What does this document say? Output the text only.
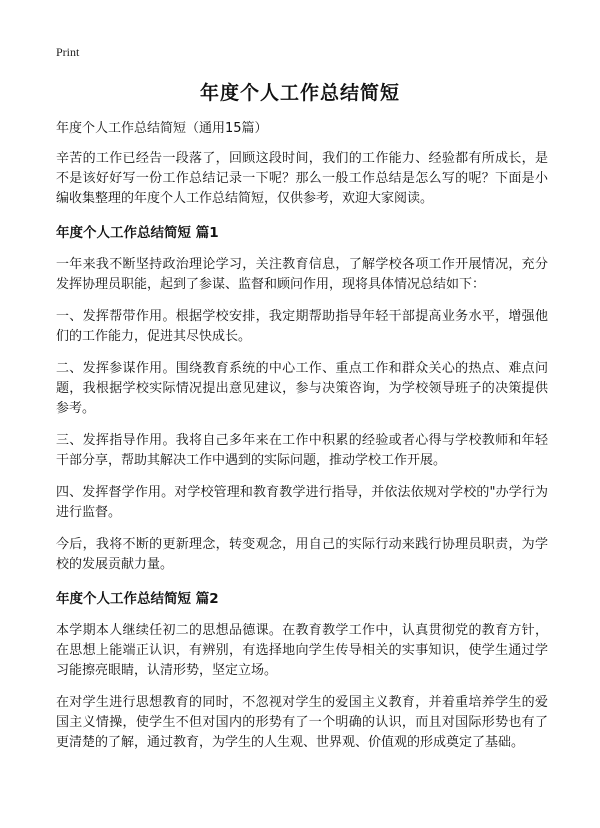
Print
年度个人工作总结简短
年度个人工作总结简短（通用15篇）

辛苦的工作已经告一段落了，回顾这段时间，我们的工作能力、经验都有所成长，是不是该好好写一份工作总结记录一下呢？那么一般工作总结是怎么写的呢？下面是小编收集整理的年度个人工作总结简短，仅供参考，欢迎大家阅读。

年度个人工作总结简短 篇1

一年来我不断坚持政治理论学习，关注教育信息，了解学校各项工作开展情况，充分发挥协理员职能，起到了参谋、监督和顾问作用，现将具体情况总结如下：

一、发挥帮带作用。根据学校安排，我定期帮助指导年轻干部提高业务水平，增强他们的工作能力，促进其尽快成长。

二、发挥参谋作用。围绕教育系统的中心工作、重点工作和群众关心的热点、难点问题，我根据学校实际情况提出意见建议，参与决策咨询，为学校领导班子的决策提供参考。

三、发挥指导作用。我将自己多年来在工作中积累的经验或者心得与学校教师和年轻干部分享，帮助其解决工作中遇到的实际问题，推动学校工作开展。

四、发挥督学作用。对学校管理和教育教学进行指导，并依法依规对学校的"办学行为进行监督。

今后，我将不断的更新理念，转变观念，用自己的实际行动来践行协理员职责，为学校的发展贡献力量。

年度个人工作总结简短 篇2

本学期本人继续任初二的思想品德课。在教育教学工作中，认真贯彻党的教育方针，在思想上能端正认识，有辨别，有选择地向学生传导相关的实事知识，使学生通过学习能擦亮眼睛，认清形势，坚定立场。

在对学生进行思想教育的同时，不忽视对学生的爱国主义教育，并着重培养学生的爱国主义情操，使学生不但对国内的形势有了一个明确的认识，而且对国际形势也有了更清楚的了解，通过教育，为学生的人生观、世界观、价值观的形成奠定了基础。
